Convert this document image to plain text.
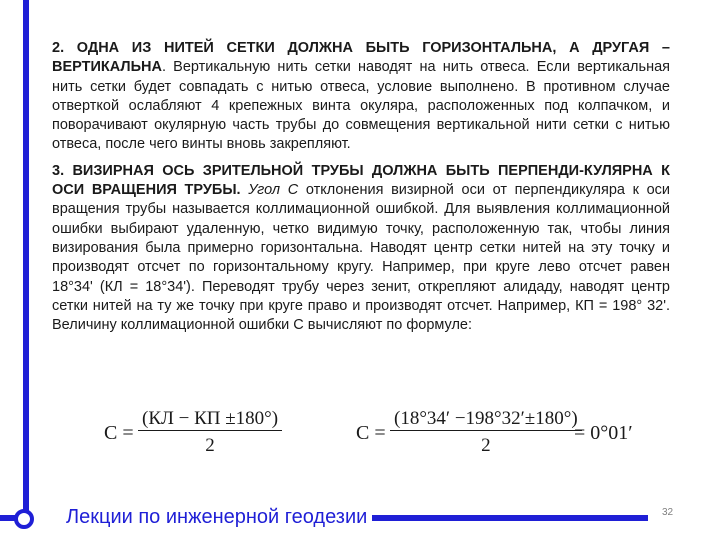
2. ОДНА ИЗ НИТЕЙ СЕТКИ ДОЛЖНА БЫТЬ ГОРИЗОНТАЛЬНА, А ДРУГАЯ – ВЕРТИКАЛЬНА. Вертикальную нить сетки наводят на нить отвеса. Если вертикальная нить сетки будет совпадать с нитью отвеса, условие выполнено. В противном случае отверткой ослабляют 4 крепежных винта окуляра, расположенных под колпачком, и поворачивают окулярную часть трубы до совмещения вертикальной нити сетки с нитью отвеса, после чего винты вновь закрепляют.

3. ВИЗИРНАЯ ОСЬ ЗРИТЕЛЬНОЙ ТРУБЫ ДОЛЖНА БЫТЬ ПЕРПЕНДИ-КУЛЯРНА К ОСИ ВРАЩЕНИЯ ТРУБЫ. Угол С отклонения визирной оси от перпендикуляра к оси вращения трубы называется коллимационной ошибкой. Для выявления коллимационной ошибки выбирают удаленную, четко видимую точку, расположенную так, чтобы линия визирования была примерно горизонтальна. Наводят центр сетки нитей на эту точку и производят отсчет по горизонтальному кругу. Например, при круге лево отсчет равен 18°34' (КЛ = 18°34'). Переводят трубу через зенит, открепляют алидаду, наводят центр сетки нитей на ту же точку при круге право и производят отсчет. Например, КП = 198° 32'. Величину коллимационной ошибки С вычисляют по формуле:

C =
(КЛ − КП ±180°)
2
$C = \frac{(18^\circ 34' -198^\circ 32'\pm 180^\circ)}{2}$
= 0°01′
Лекции по инженерной геодезии	32
